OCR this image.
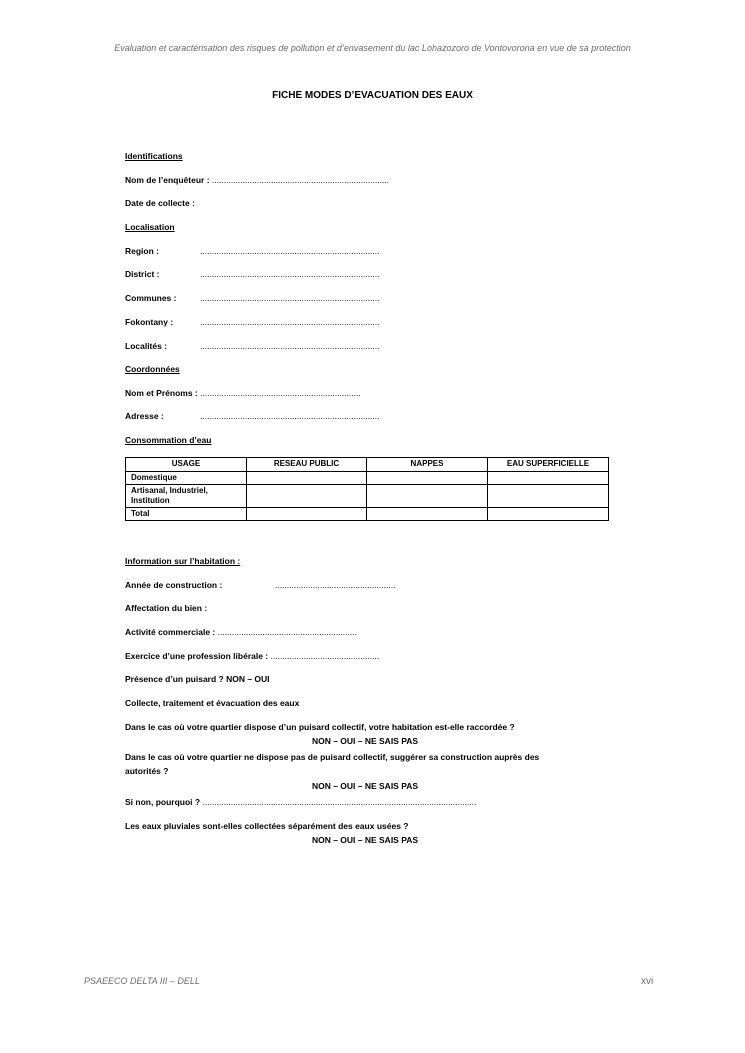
Evaluation et caractérisation des risques de pollution et d’envasement du lac Lohazozoro de Vontovorona en vue de sa protection

FICHE MODES D’EVACUATION DES EAUX

Identifications

Nom de l’enquêteur : ...........................................................................

Date de collecte :

Localisation

Region :	............................................................................

District :	............................................................................

Communes :	............................................................................

Fokontany :	............................................................................

Localités :	............................................................................

Coordonnées

Nom et Prénoms : ....................................................................

Adresse :	............................................................................

Consommation d’eau

USAGE	RESEAU PUBLIC	NAPPES	EAU SUPERFICIELLE
Domestique			
Artisanal, Industriel, Institution			
Total			

Information sur l’habitation :

Année de construction :	...................................................

Affectation du bien :

Activité commerciale : ...........................................................

Exercice d’une profession libérale : ..............................................

Présence d’un puisard ? NON – OUI

Collecte, traitement et évacuation des eaux

Dans le cas où votre quartier dispose d’un puisard collectif, votre habitation est-elle raccordée ?

NON – OUI – NE SAIS PAS

Dans le cas où votre quartier ne dispose pas de puisard collectif, suggérer sa construction auprès des

autorités ?

NON – OUI – NE SAIS PAS

Si non, pourquoi ? ....................................................................................................................

Les eaux pluviales sont-elles collectées séparément des eaux usées ?

NON – OUI – NE SAIS PAS

PSAEECO DELTA III – DELL	xvi
